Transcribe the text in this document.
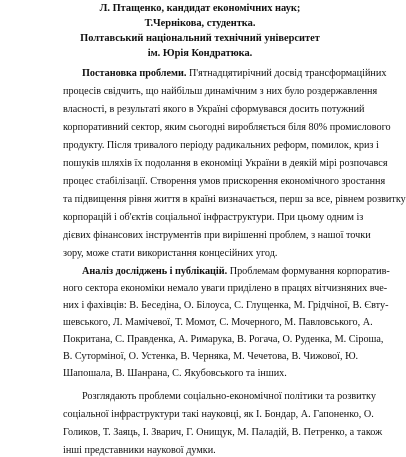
Л. Птащенко, кандидат економічних наук;
Т.Чернікова, студентка.
Полтавський національний технічний університет
ім. Юрія Кондратюка.
Постановка проблеми. П'ятнадцятирічний досвід трансформаційних
процесів свідчить, що найбільш динамічним з них було роздержавлення
власності, в результаті якого в Україні сформувався досить потужний
корпоративний сектор, яким сьогодні виробляється біля 80% промислового
продукту. Після тривалого періоду радикальних реформ, помилок, криз і
пошуків шляхів їх подолання в економіці України в деякій мірі розпочався
процес стабілізації. Створення умов прискорення економічного зростання
та підвищення рівня життя в країні визначається, перш за все, рівнем розвитку
корпорацій і об'єктів соціальної інфраструктури. При цьому одним із
дієвих фінансових інструментів при вирішенні проблем, з нашої точки
зору, може стати використання концесійних угод.
Аналіз досліджень і публікацій. Проблемам формування корпоратив-
ного сектора економіки немало уваги приділено в працях вітчизняних вче-
них і фахівців: В. Беседіна, О. Білоуса, С. Глущенка, М. Грідчіної, В. Євту-
шевського, Л. Мамічевої, Т. Момот, С. Мочерного, М. Павловського, А.
Покритана, С. Правденка, А. Римарука, В. Рогача, О. Руденка, М. Сіроша,
В. Суторміної, О. Устенка, В. Черняка, М. Чечетова, В. Чижової, Ю.
Шапошала, В. Шанрана, С. Якубовського та інших.
Розглядають проблеми соціально-економічної політики та розвитку
соціальної інфраструктури такі науковці, як І. Бондар, А. Гапоненко, О.
Голиков, Т. Заяць, І. Зварич, Г. Онищук, М. Паладій, В. Петренко, а також
інші представники наукової думки.
